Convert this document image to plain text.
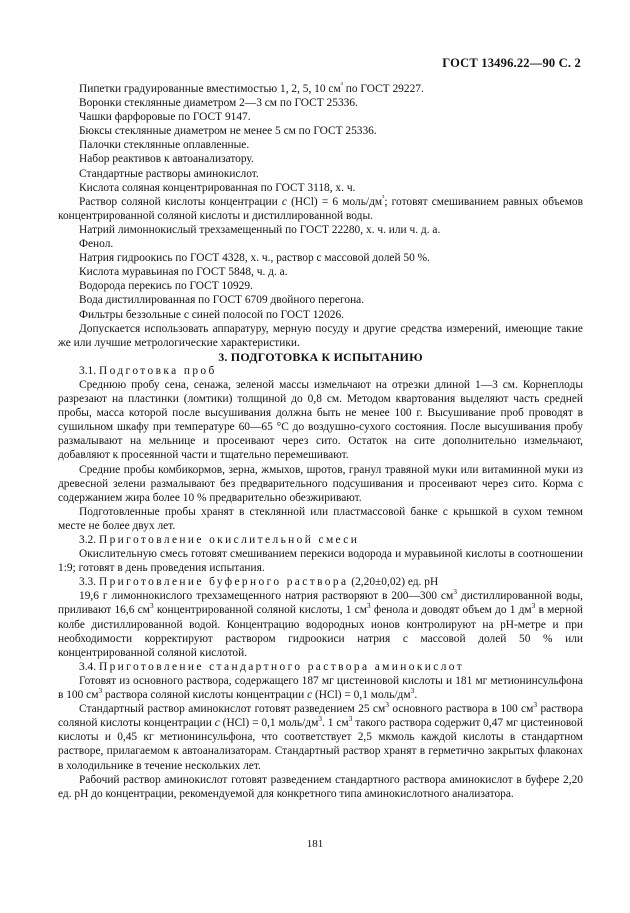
ГОСТ 13496.22—90 С. 2

Пипетки градуированные вместимостью 1, 2, 5, 10 $см^{^3}$ по ГОСТ 29227.

Воронки стеклянные диаметром 2—3 см по ГОСТ 25336.

Чашки фарфоровые по ГОСТ 9147.

Бюксы стеклянные диаметром не менее 5 см по ГОСТ 25336.

Палочки стеклянные оплавленные.

Набор реактивов к автоанализатору.

Стандартные растворы аминокислот.

Кислота соляная концентрированная по ГОСТ 3118, х. ч.

Раствор соляной кислоты концентрации c (HCl) = 6 моль/$дм^{^3}$; готовят смешиванием равных объемов концентрированной соляной кислоты и дистиллированной воды.

Натрий лимоннокислый трехзамещенный по ГОСТ 22280, х. ч. или ч. д. а.

Фенол.

Натрия гидроокись по ГОСТ 4328, х. ч., раствор с массовой долей 50 %.

Кислота муравьиная по ГОСТ 5848, ч. д. а.

Водорода перекись по ГОСТ 10929.

Вода дистиллированная по ГОСТ 6709 двойного перегона.

Фильтры беззольные с синей полосой по ГОСТ 12026.

Допускается использовать аппаратуру, мерную посуду и другие средства измерений, имеющие такие же или лучшие метрологические характеристики.

3. ПОДГОТОВКА К ИСПЫТАНИЮ

3.1. Подготовка проб

Среднюю пробу сена, сенажа, зеленой массы измельчают на отрезки длиной 1—3 см. Корнеплоды разрезают на пластинки (ломтики) толщиной до 0,8 см. Методом квартования выделяют часть средней пробы, масса которой после высушивания должна быть не менее 100 г. Высушивание проб проводят в сушильном шкафу при температуре 60—65 °С до воздушно-сухого состояния. После высушивания пробу размалывают на мельнице и просеивают через сито. Остаток на сите дополнительно измельчают, добавляют к просеянной части и тщательно перемешивают.

Средние пробы комбикормов, зерна, жмыхов, шротов, гранул травяной муки или витаминной муки из древесной зелени размалывают без предварительного подсушивания и просеивают через сито. Корма с содержанием жира более 10 % предварительно обезжиривают.

Подготовленные пробы хранят в стеклянной или пластмассовой банке с крышкой в сухом темном месте не более двух лет.

3.2. Приготовление окислительной смеси

Окислительную смесь готовят смешиванием перекиси водорода и муравьиной кислоты в соотношении 1:9; готовят в день проведения испытания.

3.3. Приготовление буферного раствора (2,20±0,02) ед. рН

19,6 г лимоннокислого трехзамещенного натрия растворяют в 200—300 $см^3$ дистиллированной воды, приливают 16,6 $см^3$ концентрированной соляной кислоты, 1 $см^3$ фенола и доводят объем до 1 $дм^3$ в мерной колбе дистиллированной водой. Концентрацию водородных ионов контролируют на рН-метре и при необходимости корректируют раствором гидроокиси натрия с массовой долей 50 % или концентрированной соляной кислотой.

3.4. Приготовление стандартного раствора аминокислот

Готовят из основного раствора, содержащего 187 мг цистеиновой кислоты и 181 мг метионинсульфона в 100 $см^3$ раствора соляной кислоты концентрации c (HCl) = 0,1 моль/$дм^3$.

Стандартный раствор аминокислот готовят разведением 25 $см^3$ основного раствора в 100 $см^3$ раствора соляной кислоты концентрации c (HCl) = 0,1 моль/$дм^3$. 1 $см^3$ такого раствора содержит 0,47 мг цистеиновой кислоты и 0,45 кг метионинсульфона, что соответствует 2,5 мкмоль каждой кислоты в стандартном растворе, прилагаемом к автоанализаторам. Стандартный раствор хранят в герметично закрытых флаконах в холодильнике в течение нескольких лет.

Рабочий раствор аминокислот готовят разведением стандартного раствора аминокислот в буфере 2,20 ед. рН до концентрации, рекомендуемой для конкретного типа аминокислотного анализатора.

181
